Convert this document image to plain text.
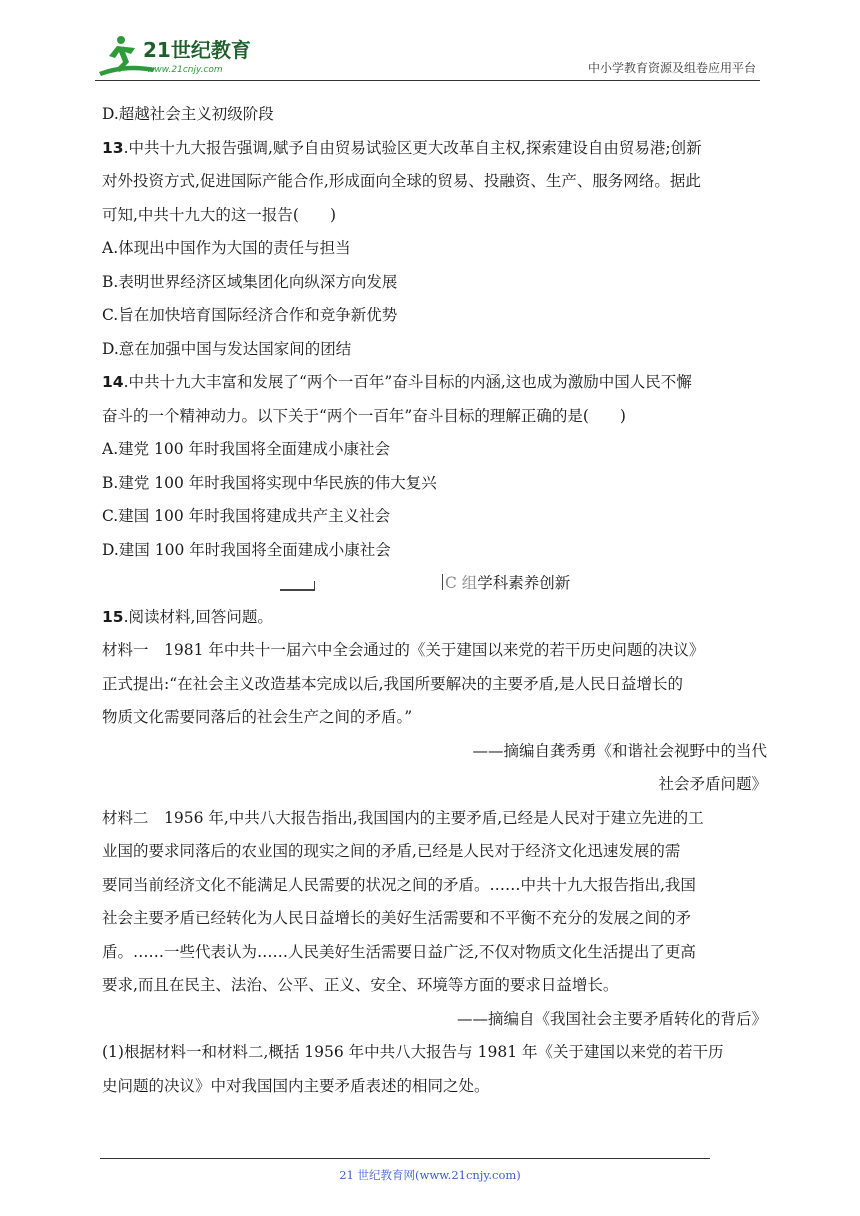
21世纪教育
www.21cnjy.com	中小学教育资源及组卷应用平台
D.超越社会主义初级阶段
13.中共十九大报告强调,赋予自由贸易试验区更大改革自主权,探索建设自由贸易港;创新
对外投资方式,促进国际产能合作,形成面向全球的贸易、投融资、生产、服务网络。据此
可知,中共十九大的这一报告(　　)
A.体现出中国作为大国的责任与担当
B.表明世界经济区域集团化向纵深方向发展
C.旨在加快培育国际经济合作和竞争新优势
D.意在加强中国与发达国家间的团结
14.中共十九大丰富和发展了“两个一百年”奋斗目标的内涵,这也成为激励中国人民不懈
奋斗的一个精神动力。以下关于“两个一百年”奋斗目标的理解正确的是(　　)
A.建党 100 年时我国将全面建成小康社会
B.建党 100 年时我国将实现中华民族的伟大复兴
C.建国 100 年时我国将建成共产主义社会
D.建国 100 年时我国将全面建成小康社会
C 组学科素养创新
15.阅读材料,回答问题。
材料一　1981 年中共十一届六中全会通过的《关于建国以来党的若干历史问题的决议》
正式提出:“在社会主义改造基本完成以后,我国所要解决的主要矛盾,是人民日益增长的
物质文化需要同落后的社会生产之间的矛盾。”
——摘编自龚秀勇《和谐社会视野中的当代
社会矛盾问题》
材料二　1956 年,中共八大报告指出,我国国内的主要矛盾,已经是人民对于建立先进的工
业国的要求同落后的农业国的现实之间的矛盾,已经是人民对于经济文化迅速发展的需
要同当前经济文化不能满足人民需要的状况之间的矛盾。……中共十九大报告指出,我国
社会主要矛盾已经转化为人民日益增长的美好生活需要和不平衡不充分的发展之间的矛
盾。……一些代表认为……人民美好生活需要日益广泛,不仅对物质文化生活提出了更高
要求,而且在民主、法治、公平、正义、安全、环境等方面的要求日益增长。
——摘编自《我国社会主要矛盾转化的背后》
(1)根据材料一和材料二,概括 1956 年中共八大报告与 1981 年《关于建国以来党的若干历
史问题的决议》中对我国国内主要矛盾表述的相同之处。
21 世纪教育网(www.21cnjy.com)
